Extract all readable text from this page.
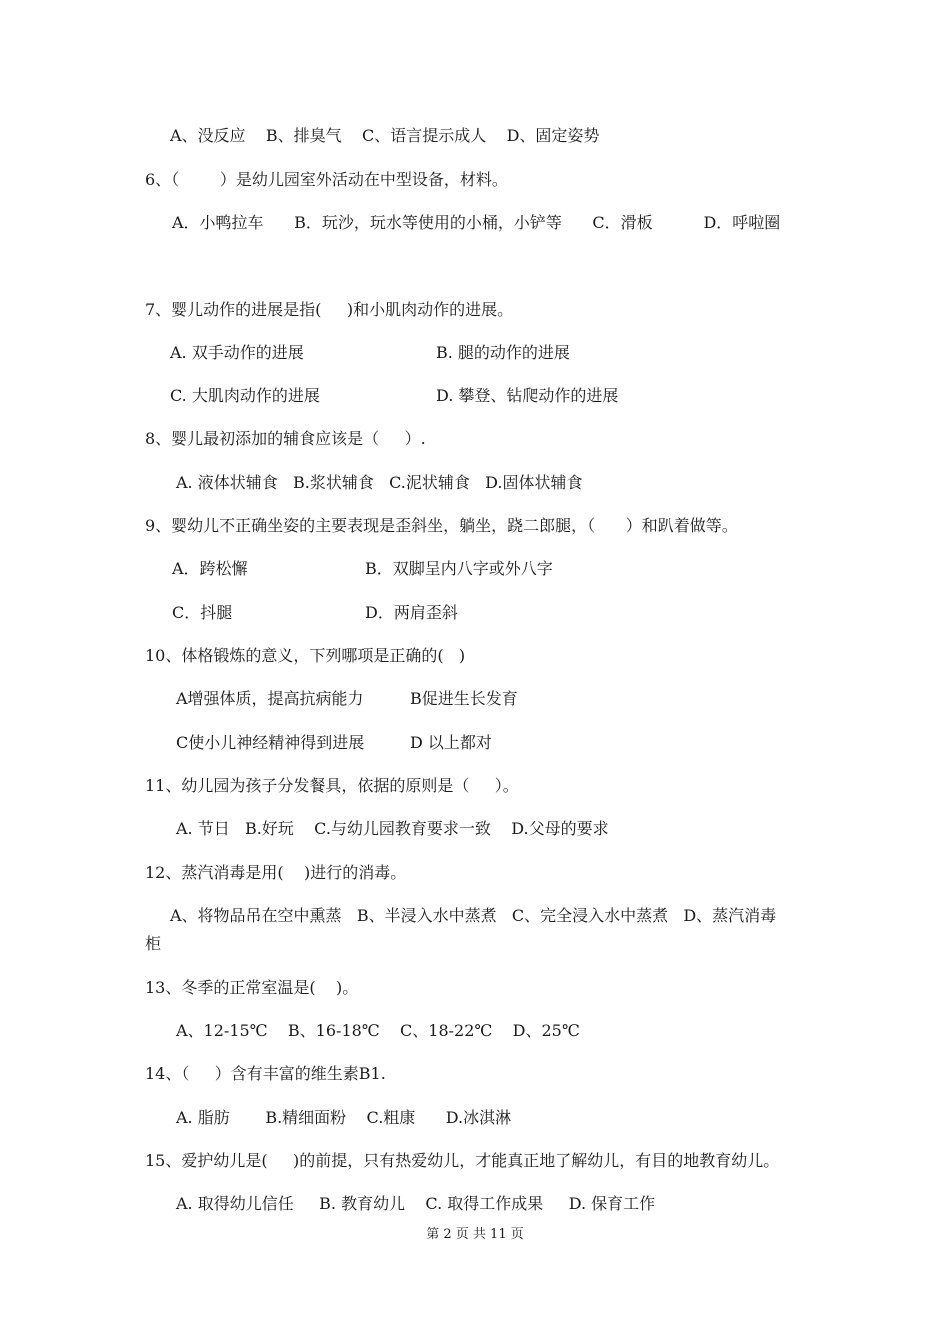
A、没反应    B、排臭气    C、语言提示成人    D、固定姿势
6、（        ）是幼儿园室外活动在中型设备，材料。
A．小鸭拉车      B．玩沙，玩水等使用的小桶，小铲等      C．滑板          D．呼啦圈
7、婴儿动作的进展是指(     )和小肌肉动作的进展。
A. 双手动作的进展	B. 腿的动作的进展
C. 大肌肉动作的进展	D. 攀登、钻爬动作的进展
8、婴儿最初添加的辅食应该是（     ）.
A. 液体状辅食   B.浆状辅食   C.泥状辅食   D.固体状辅食
9、婴幼儿不正确坐姿的主要表现是歪斜坐，躺坐，跷二郎腿，（      ）和趴着做等。
A．跨松懈	B．双脚呈内八字或外八字
C．抖腿	D．两肩歪斜
10、体格锻炼的意义，下列哪项是正确的(   )
A增强体质，提高抗病能力	B促进生长发育
C使小儿神经精神得到进展	D 以上都对
11、幼儿园为孩子分发餐具，依据的原则是（     ）。
A. 节日   B.好玩    C.与幼儿园教育要求一致    D.父母的要求
12、蒸汽消毒是用(    )进行的消毒。
A、将物品吊在空中熏蒸   B、半浸入水中蒸煮   C、完全浸入水中蒸煮   D、蒸汽消毒
柜
13、冬季的正常室温是(    )。
A、12-15℃    B、16-18℃    C、18-22℃    D、25℃
14、（     ）含有丰富的维生素B1.
A. 脂肪       B.精细面粉    C.粗康      D.冰淇淋
15、爱护幼儿是(     )的前提，只有热爱幼儿，才能真正地了解幼儿，有目的地教育幼儿。
A. 取得幼儿信任     B. 教育幼儿    C. 取得工作成果     D. 保育工作
第 2 页 共 11 页
